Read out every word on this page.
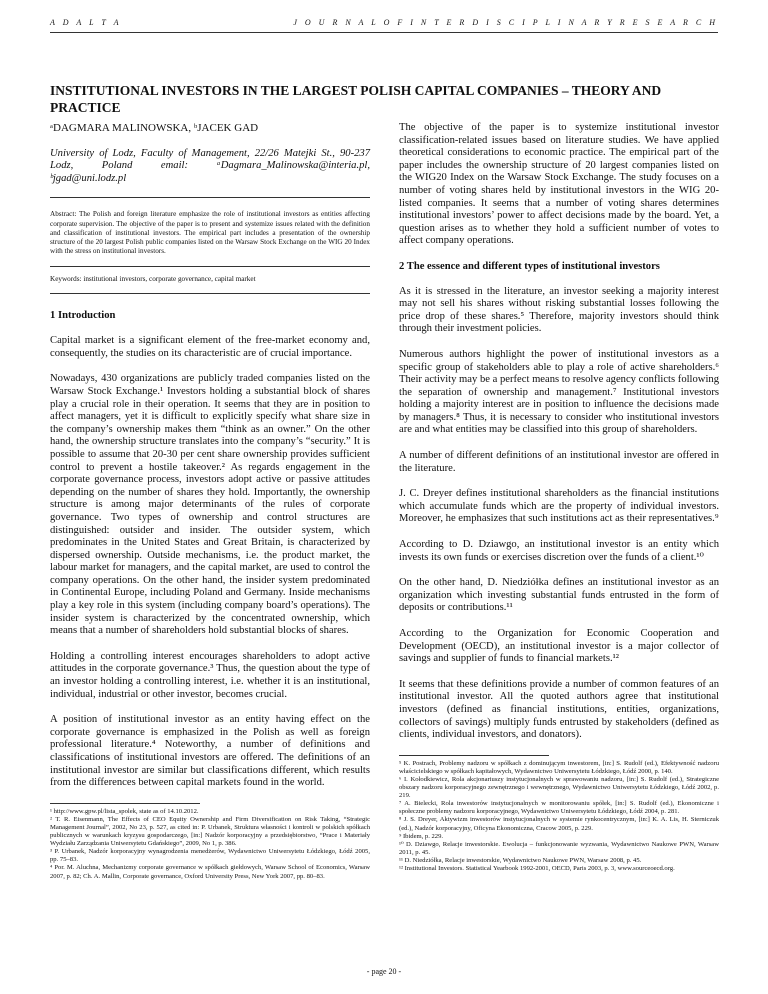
A D A L T A	J O U R N A L O F I N T E R D I S C I P L I N A R Y R E S E A R C H
INSTITUTIONAL INVESTORS IN THE LARGEST POLISH CAPITAL COMPANIES – THEORY AND PRACTICE

ᵃDAGMARA MALINOWSKA, ᵇJACEK GAD

University of Lodz, Faculty of Management, 22/26 Matejki St., 90-237 Lodz, Poland email: ᵃDagmara_Malinowska@interia.pl, ᵇjgad@uni.lodz.pl

Abstract: The Polish and foreign literature emphasize the role of institutional investors as entities affecting corporate supervision. The objective of the paper is to present and systemize issues related with the definition and classification of institutional investors. The empirical part includes a presentation of the ownership structure of the 20 largest Polish public companies listed on the Warsaw Stock Exchange on the WIG 20 Index with the stress on institutional investors.

Keywords: institutional investors, corporate governance, capital market

1 Introduction

Capital market is a significant element of the free-market economy and, consequently, the studies on its characteristic are of crucial importance.

Nowadays, 430 organizations are publicly traded companies listed on the Warsaw Stock Exchange.¹ Investors holding a substantial block of shares play a crucial role in their operation. It seems that they are in position to affect managers, yet it is difficult to explicitly specify what share size in the company’s ownership makes them “think as an owner.” On the other hand, the ownership structure translates into the company’s “security.” It is possible to assume that 20-30 per cent share ownership provides sufficient control to prevent a hostile takeover.² As regards engagement in the corporate governance process, investors adopt active or passive attitudes depending on the number of shares they hold. Importantly, the ownership structure is among major determinants of the rules of corporate governance. Two types of ownership and control structures are distinguished: outsider and insider. The outsider system, which predominates in the United States and Great Britain, is characterized by dispersed ownership. Outside mechanisms, i.e. the product market, the labour market for managers, and the capital market, are used to control the company operations. On the other hand, the insider system predominated in Continental Europe, including Poland and Germany. Inside mechanisms play a key role in this system (including company board’s operations). The insider system is characterized by the concentrated ownership, which means that a number of shareholders hold substantial blocks of shares.

Holding a controlling interest encourages shareholders to adopt active attitudes in the corporate governance.³ Thus, the question about the type of an investor holding a controlling interest, i.e. whether it is an institutional, individual, industrial or other investor, becomes crucial.

A position of institutional investor as an entity having effect on the corporate governance is emphasized in the Polish as well as foreign professional literature.⁴ Noteworthy, a number of definitions and classifications of institutional investors are offered. The definitions of an institutional investor are similar but classifications different, which results from the differences between capital markets found in the world.

¹ http://www.gpw.pl/lista_spolek, state as of 14.10.2012.

² T. R. Eisenmann, The Effects of CEO Equity Ownership and Firm Diversification on Risk Taking, “Strategic Management Journal”, 2002, No 23, p. 527, as cited in: P. Urbanek, Struktura własności i kontroli w polskich spółkach publicznych w warunkach kryzysu gospodarczego, [in:] Nadzór korporacyjny a przedsiębiorstwo, “Prace i Materiały Wydziału Zarządzania Uniwersytetu Gdańskiego”, 2009, No 1, p. 386.

³ P. Urbanek, Nadzór korporacyjny wynagrodzenia menedżerów, Wydawnictwo Uniwersytetu Łódzkiego, Łódź 2005, pp. 75–83.

⁴ Por. M. Aluchna, Mechanizmy corporate governance w spółkach giełdowych, Warsaw School of Economics, Warsaw 2007, p. 82; Ch. A. Mallin, Corporate governance, Oxford University Press, New York 2007, pp. 80–83.

The objective of the paper is to systemize institutional investor classification-related issues based on literature studies. We have applied theoretical considerations to economic practice. The empirical part of the paper includes the ownership structure of 20 largest companies listed on the WIG20 Index on the Warsaw Stock Exchange. The study focuses on a number of voting shares held by institutional investors in the WIG 20-listed companies. It seems that a number of voting shares determines institutional investors’ power to affect decisions made by the board. Yet, a question arises as to whether they hold a sufficient number of votes to affect company operations.

2 The essence and different types of institutional investors

As it is stressed in the literature, an investor seeking a majority interest may not sell his shares without risking substantial losses following the price drop of these shares.⁵ Therefore, majority investors should think through their investment policies.

Numerous authors highlight the power of institutional investors as a specific group of stakeholders able to play a role of active shareholders.⁶ Their activity may be a perfect means to resolve agency conflicts following the separation of ownership and management.⁷ Institutional investors holding a majority interest are in position to influence the decisions made by managers.⁸ Thus, it is necessary to consider who institutional investors are and what entities may be classified into this group of shareholders.

A number of different definitions of an institutional investor are offered in the literature.

J. C. Dreyer defines institutional shareholders as the financial institutions which accumulate funds which are the property of individual investors. Moreover, he emphasizes that such institutions act as their representatives.⁹

According to D. Dziawgo, an institutional investor is an entity which invests its own funds or exercises discretion over the funds of a client.¹⁰

On the other hand, D. Niedziółka defines an institutional investor as an organization which investing substantial funds entrusted in the form of deposits or contributions.¹¹

According to the Organization for Economic Cooperation and Development (OECD), an institutional investor is a major collector of savings and supplier of funds to financial markets.¹²

It seems that these definitions provide a number of common features of an institutional investor. All the quoted authors agree that institutional investors (defined as financial institutions, entities, organizations, collectors of savings) multiply funds entrusted by stakeholders (defined as clients, individual investors, and donators).

⁵ K. Postrach, Problemy nadzoru w spółkach z dominującym inwestorem, [in:] S. Rudolf (ed.), Efektywność nadzoru właścicielskiego w spółkach kapitałowych, Wydawnictwo Uniwersytetu Łódzkiego, Łódź 2000, p. 140.

⁶ I. Kołodkiewicz, Rola akcjonariuszy instytucjonalnych w sprawowaniu nadzoru, [in:] S. Rudolf (ed.), Strategiczne obszary nadzoru korporacyjnego zewnętrznego i wewnętrznego, Wydawnictwo Uniwersytetu Łódzkiego, Łódź 2002, p. 219.

⁷ A. Bielecki, Rola inwestorów instytucjonalnych w monitorowaniu spółek, [in:] S. Rudolf (ed.), Ekonomiczne i społeczne problemy nadzoru korporacyjnego, Wydawnictwo Uniwersytetu Łódzkiego, Łódź 2004, p. 281.

⁸ J. S. Dreyer, Aktywizm inwestorów instytucjonalnych w systemie rynkocentrycznym, [in:] K. A. Lis, H. Sterniczuk (ed.), Nadzór korporacyjny, Oficyna Ekonomiczna, Cracow 2005, p. 229.

⁹ Ibidem, p. 229.

¹⁰ D. Dziawgo, Relacje inwestorskie. Ewolucja – funkcjonowanie wyzwania, Wydawnictwo Naukowe PWN, Warsaw 2011, p. 45.

¹¹ D. Niedziółka, Relacje inwestorskie, Wydawnictwo Naukowe PWN, Warsaw 2008, p. 45.

¹² Institutional Investors. Statistical Yearbook 1992-2001, OECD, Paris 2003, p. 3, www.sourceoecd.org.

- page 20 -
